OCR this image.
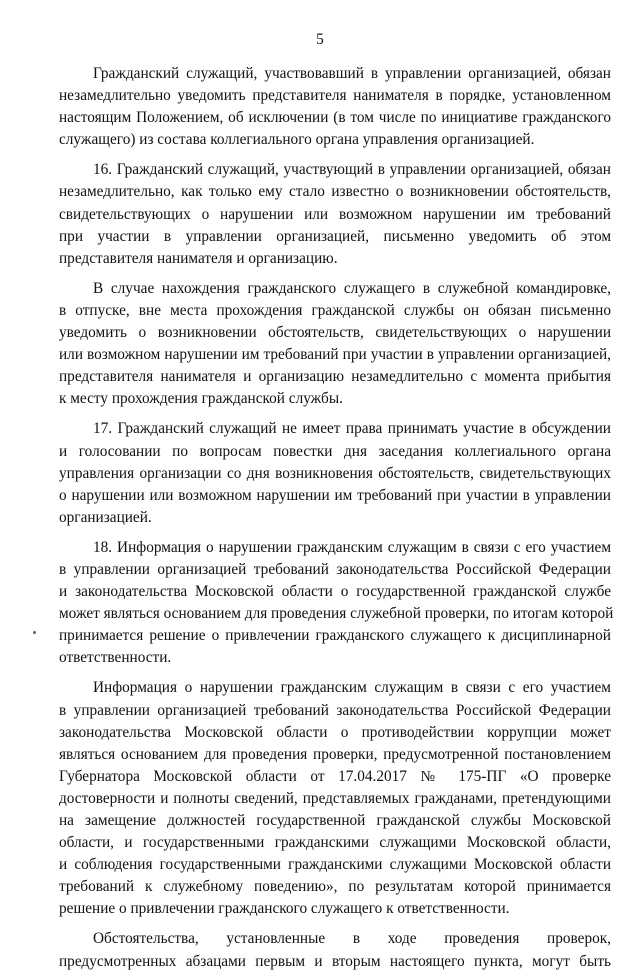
5
Гражданский служащий, участвовавший в управлении организацией, обязан
незамедлительно уведомить представителя нанимателя в порядке, установленном
настоящим Положением, об исключении (в том числе по инициативе гражданского
служащего) из состава коллегиального органа управления организацией.
16. Гражданский служащий, участвующий в управлении организацией, обязан
незамедлительно, как только ему стало известно о возникновении обстоятельств,
свидетельствующих о нарушении или возможном нарушении им требований
при участии в управлении организацией, письменно уведомить об этом
представителя нанимателя и организацию.
В случае нахождения гражданского служащего в служебной командировке,
в отпуске, вне места прохождения гражданской службы он обязан письменно
уведомить о возникновении обстоятельств, свидетельствующих о нарушении
или возможном нарушении им требований при участии в управлении организацией,
представителя нанимателя и организацию незамедлительно с момента прибытия
к месту прохождения гражданской службы.
17. Гражданский служащий не имеет права принимать участие в обсуждении
и голосовании по вопросам повестки дня заседания коллегиального органа
управления организации со дня возникновения обстоятельств, свидетельствующих
о нарушении или возможном нарушении им требований при участии в управлении
организацией.
18. Информация о нарушении гражданским служащим в связи с его участием
в управлении организацией требований законодательства Российской Федерации
и законодательства Московской области о государственной гражданской службе
может являться основанием для проведения служебной проверки, по итогам которой
принимается решение о привлечении гражданского служащего к дисциплинарной
ответственности.
Информация о нарушении гражданским служащим в связи с его участием
в управлении организацией требований законодательства Российской Федерации
законодательства Московской области о противодействии коррупции может
являться основанием для проведения проверки, предусмотренной постановлением
Губернатора Московской области от 17.04.2017 № 175-ПГ «О проверке
достоверности и полноты сведений, представляемых гражданами, претендующими
на замещение должностей государственной гражданской службы Московской
области, и государственными гражданскими служащими Московской области,
и соблюдения государственными гражданскими служащими Московской области
требований к служебному поведению», по результатам которой принимается
решение о привлечении гражданского служащего к ответственности.
Обстоятельства, установленные в ходе проведения проверок,
предусмотренных абзацами первым и вторым настоящего пункта, могут быть
